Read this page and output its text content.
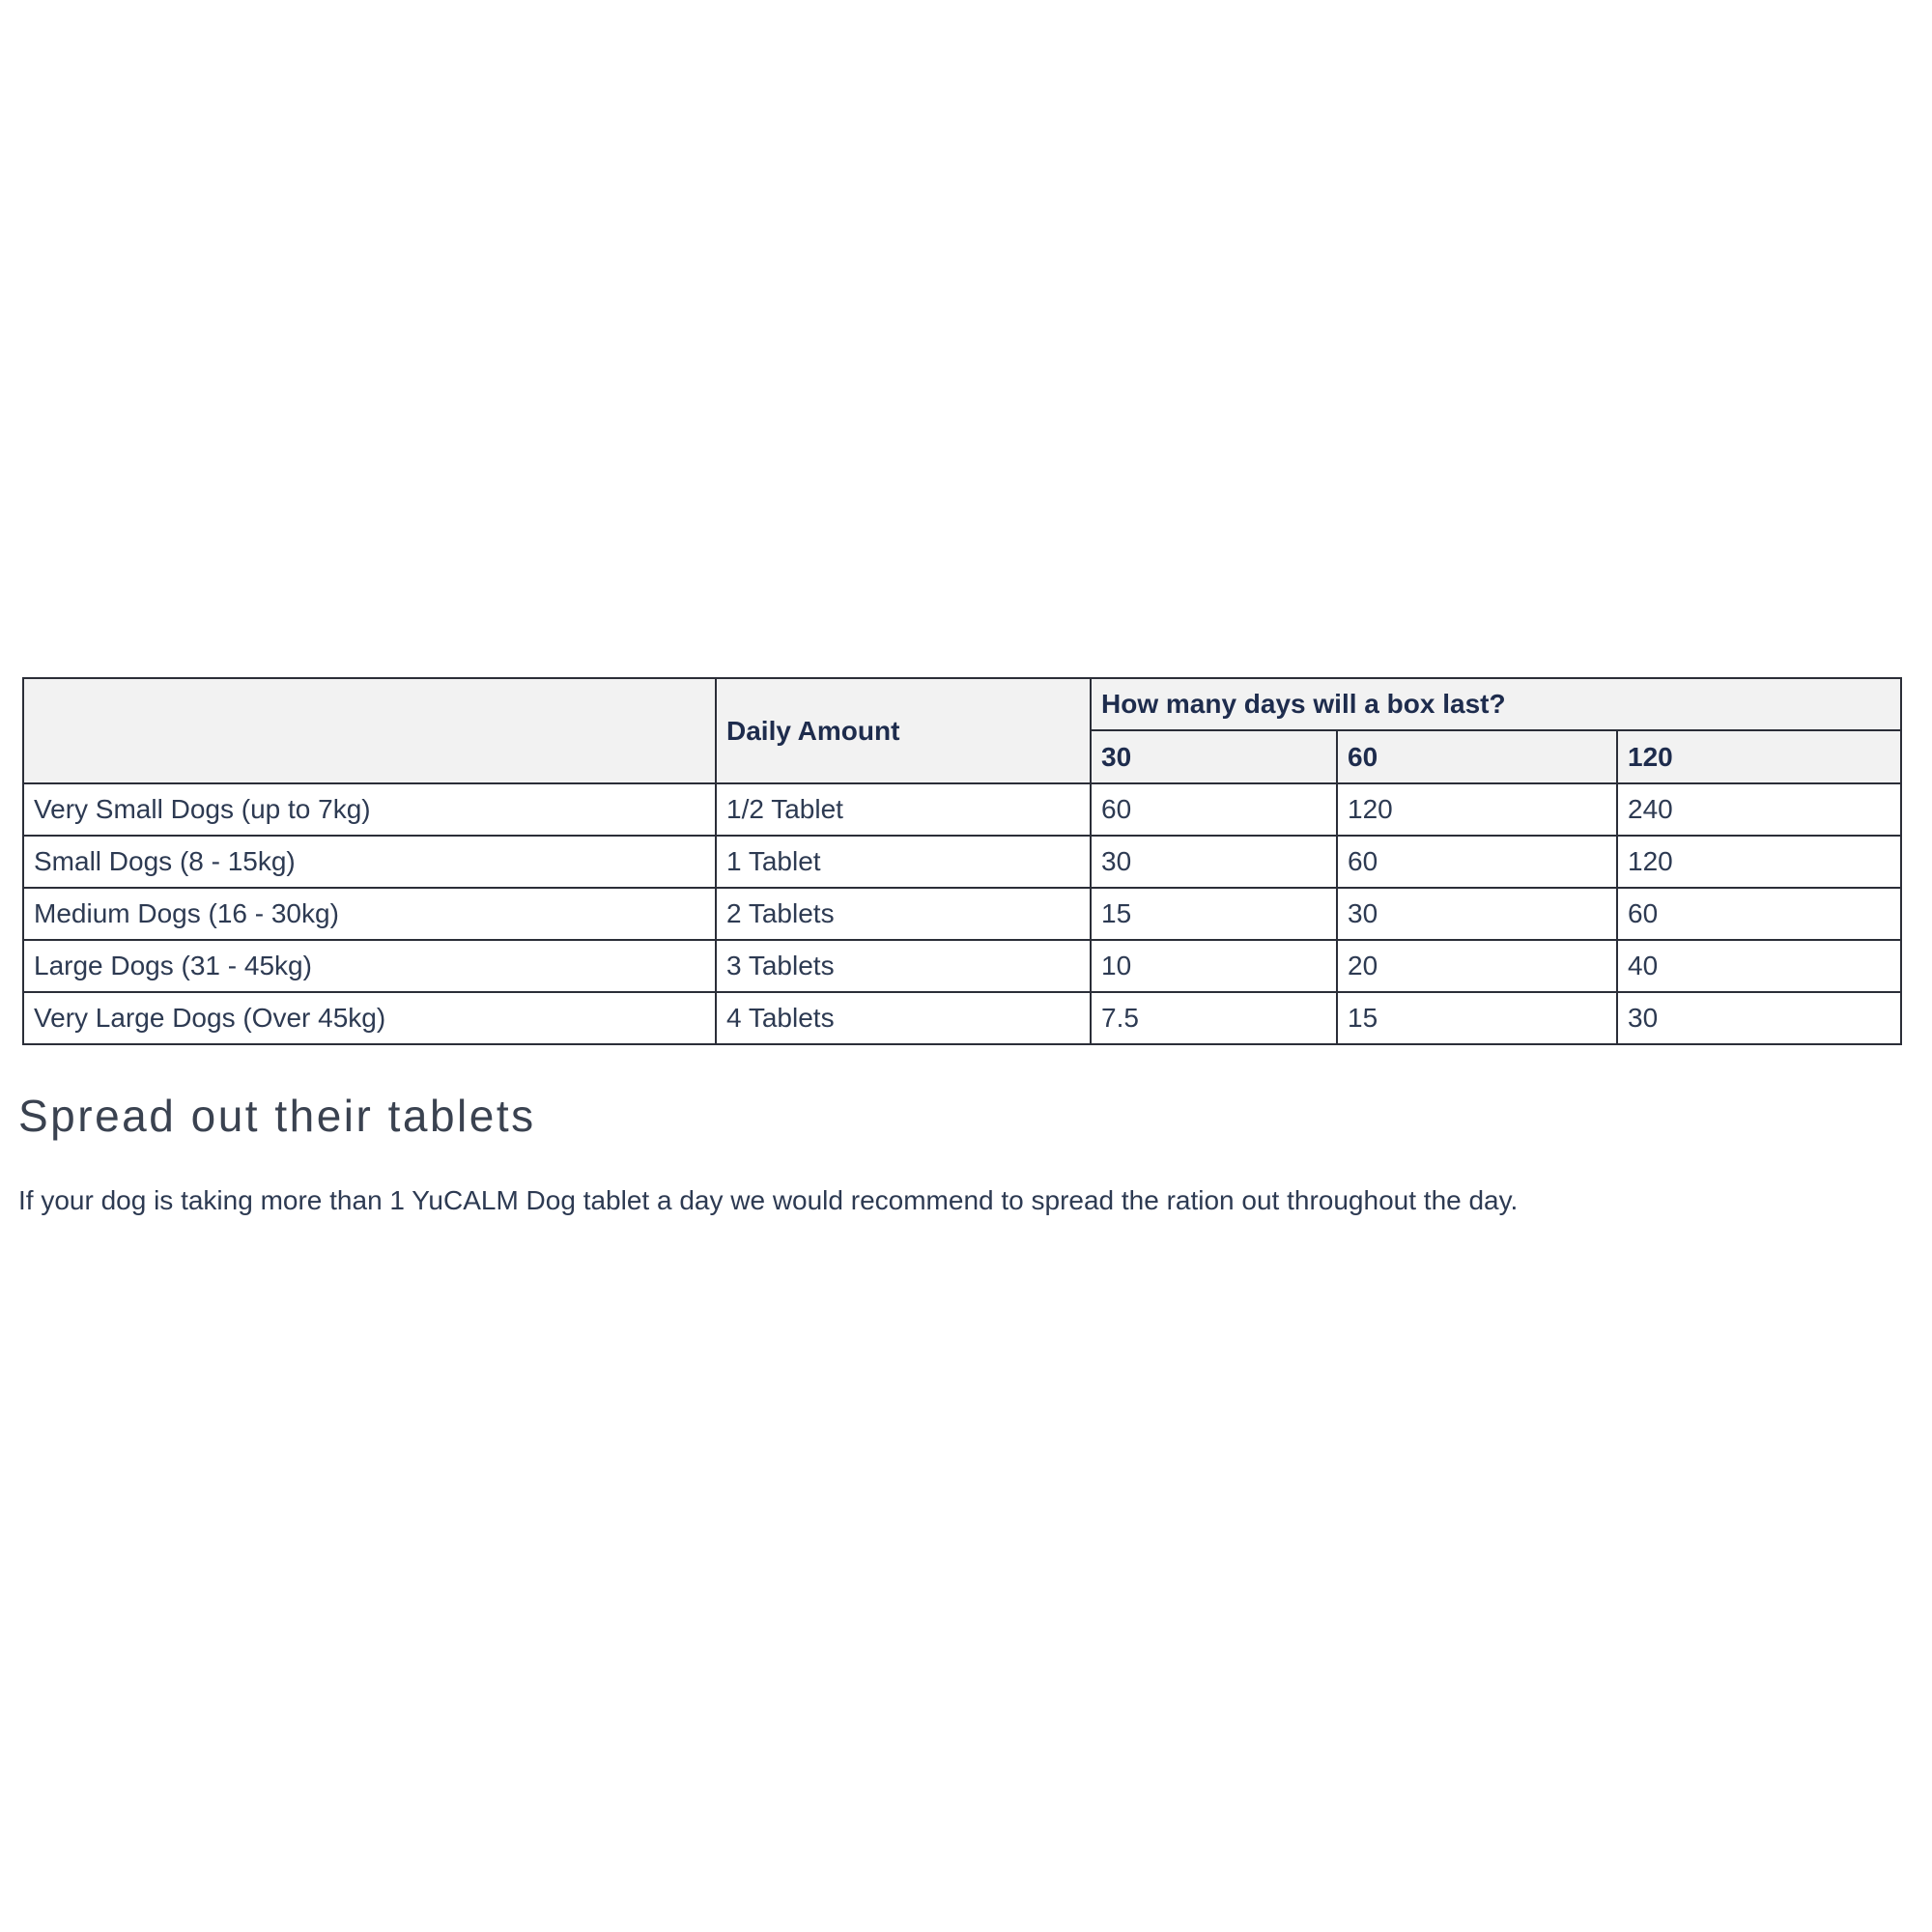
	Daily Amount	How many days will a box last?		
		30	60	120
Very Small Dogs (up to 7kg)	1/2 Tablet	60	120	240
Small Dogs (8 - 15kg)	1 Tablet	30	60	120
Medium Dogs (16 - 30kg)	2 Tablets	15	30	60
Large Dogs (31 - 45kg)	3 Tablets	10	20	40
Very Large Dogs (Over 45kg)	4 Tablets	7.5	15	30
Spread out their tablets

If your dog is taking more than 1 YuCALM Dog tablet a day we would recommend to spread the ration out throughout the day.
